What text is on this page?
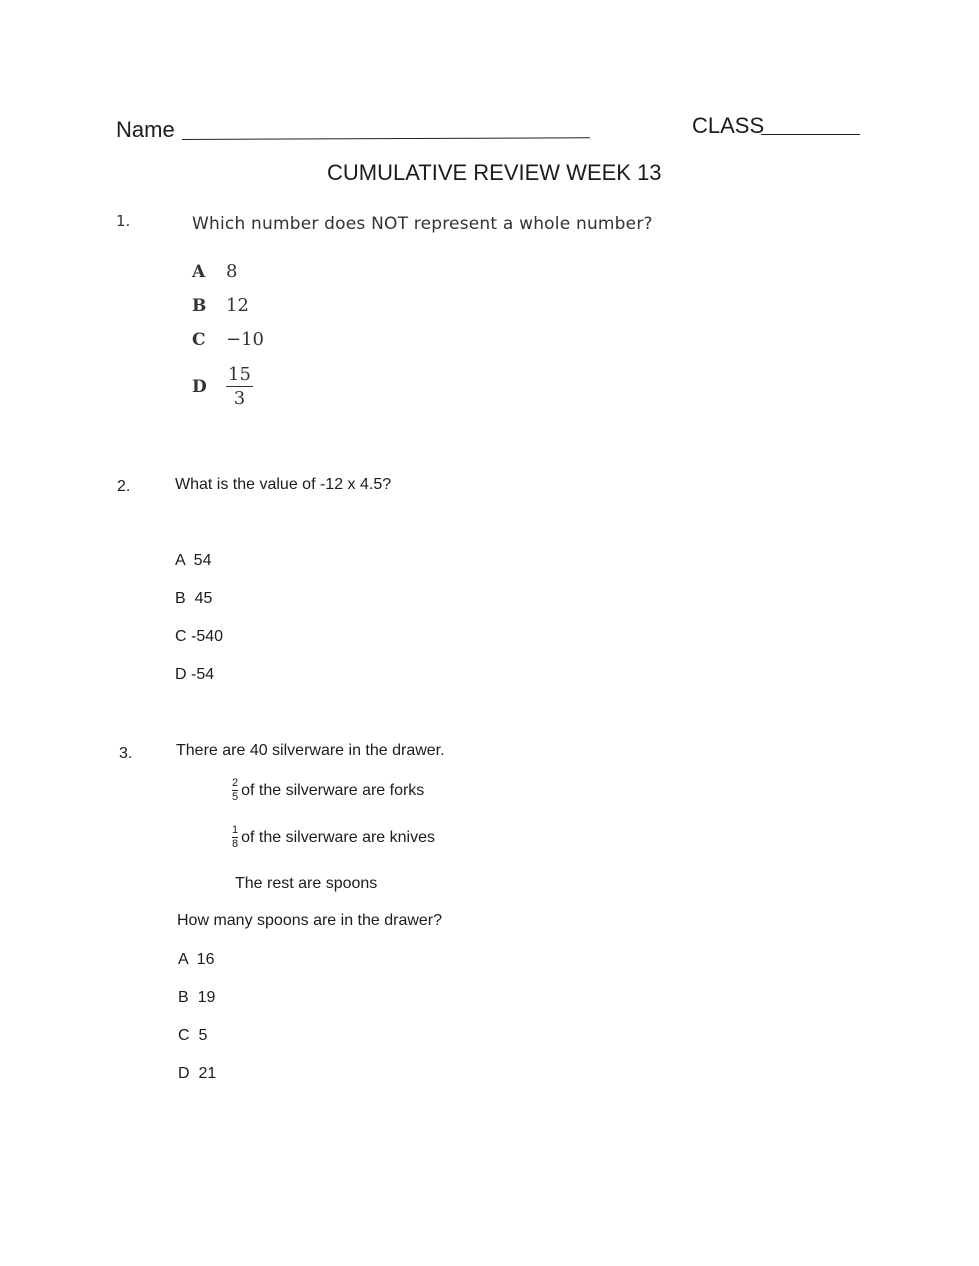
Name	CLASS
CUMULATIVE REVIEW WEEK 13
1.	Which number does NOT represent a whole number?
A 8
B 12
C −10
D	$\frac{15}{3}$
2.	What is the value of -12 x 4.5?
A  54
B  45
C -540
D -54
3.	There are 40 silverware in the drawer.
$\frac{2}{5}$ of the silverware are forks
$\frac{1}{8}$ of the silverware are knives
The rest are spoons
How many spoons are in the drawer?
A  16
B  19
C  5
D  21
